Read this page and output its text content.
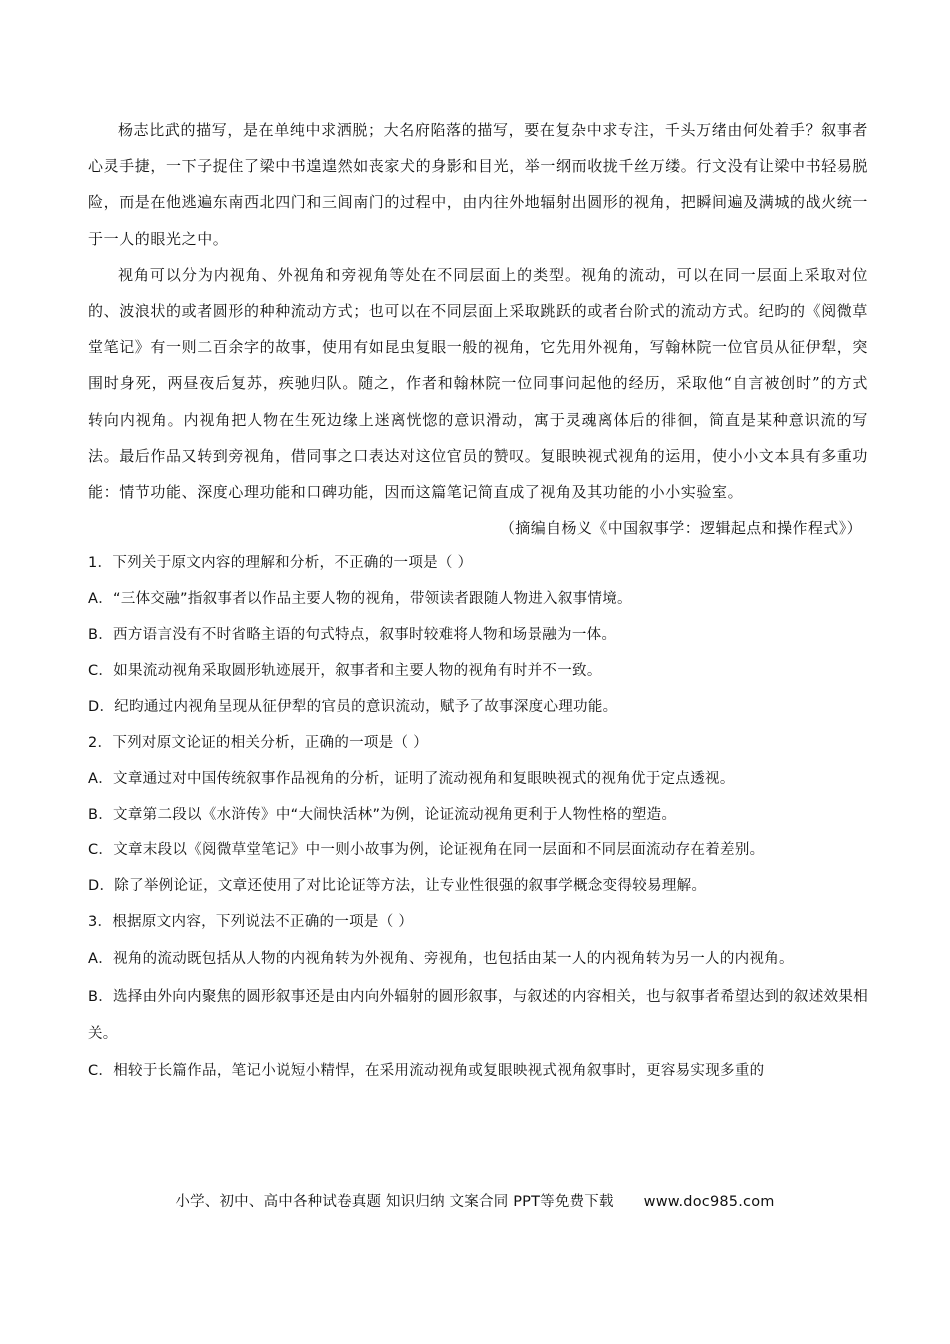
杨志比武的描写，是在单纯中求洒脱；大名府陷落的描写，要在复杂中求专注，千头万绪由何处着手？叙事者心灵手捷，一下子捉住了梁中书遑遑然如丧家犬的身影和目光，举一纲而收拢千丝万缕。行文没有让梁中书轻易脱险，而是在他逃遍东南西北四门和三闾南门的过程中，由内往外地辐射出圆形的视角，把瞬间遍及满城的战火统一于一人的眼光之中。

视角可以分为内视角、外视角和旁视角等处在不同层面上的类型。视角的流动，可以在同一层面上采取对位的、波浪状的或者圆形的种种流动方式；也可以在不同层面上采取跳跃的或者台阶式的流动方式。纪昀的《阅微草堂笔记》有一则二百余字的故事，使用有如昆虫复眼一般的视角，它先用外视角，写翰林院一位官员从征伊犁，突围时身死，两昼夜后复苏，疾驰归队。随之，作者和翰林院一位同事问起他的经历，采取他“自言被创时”的方式转向内视角。内视角把人物在生死边缘上迷离恍惚的意识滑动，寓于灵魂离体后的徘徊，简直是某种意识流的写法。最后作品又转到旁视角，借同事之口表达对这位官员的赞叹。复眼映视式视角的运用，使小小文本具有多重功能：情节功能、深度心理功能和口碑功能，因而这篇笔记简直成了视角及其功能的小小实验室。

（摘编自杨义《中国叙事学：逻辑起点和操作程式》）

1．下列关于原文内容的理解和分析，不正确的一项是（ ）

A．“三体交融”指叙事者以作品主要人物的视角，带领读者跟随人物进入叙事情境。

B．西方语言没有不时省略主语的句式特点，叙事时较难将人物和场景融为一体。

C．如果流动视角采取圆形轨迹展开，叙事者和主要人物的视角有时并不一致。

D．纪昀通过内视角呈现从征伊犁的官员的意识流动，赋予了故事深度心理功能。

2．下列对原文论证的相关分析，正确的一项是（ ）

A．文章通过对中国传统叙事作品视角的分析，证明了流动视角和复眼映视式的视角优于定点透视。

B．文章第二段以《水浒传》中“大闹快活林”为例，论证流动视角更利于人物性格的塑造。

C．文章末段以《阅微草堂笔记》中一则小故事为例，论证视角在同一层面和不同层面流动存在着差别。

D．除了举例论证，文章还使用了对比论证等方法，让专业性很强的叙事学概念变得较易理解。

3．根据原文内容，下列说法不正确的一项是（ ）

A．视角的流动既包括从人物的内视角转为外视角、旁视角，也包括由某一人的内视角转为另一人的内视角。

B．选择由外向内聚焦的圆形叙事还是由内向外辐射的圆形叙事，与叙述的内容相关，也与叙事者希望达到的叙述效果相关。

C．相较于长篇作品，笔记小说短小精悍，在采用流动视角或复眼映视式视角叙事时，更容易实现多重的

小学、初中、高中各种试卷真题 知识归纳 文案合同 PPT等免费下载 www.doc985.com
